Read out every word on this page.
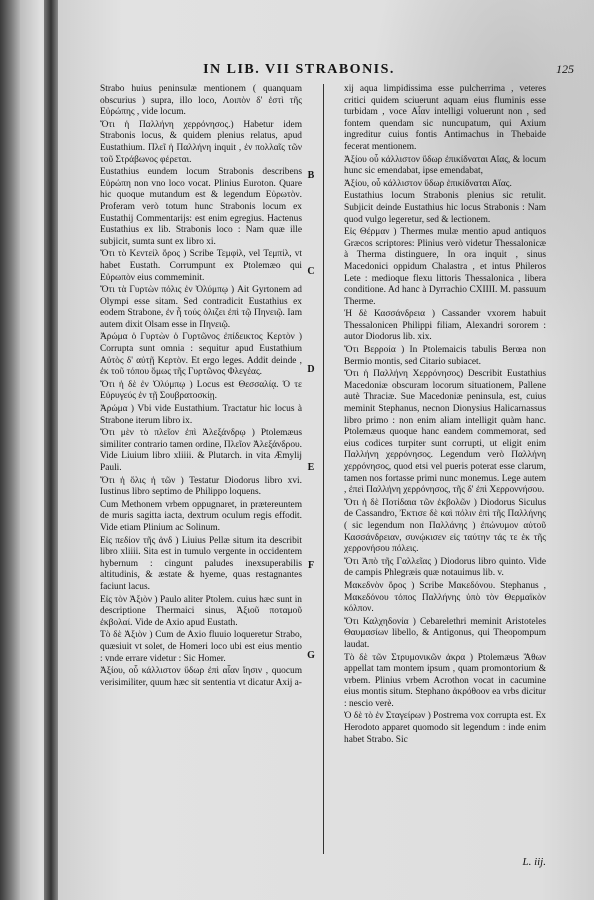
IN LIB. VII STRABONIS.	125

Strabo huius peninsulæ mentionem ( quanquam obscurius ) supra, illo loco, Λοιπὸν δ' ἐστὶ τῆς Εὐρώπης , vide locum.

Ὅτι ἡ Παλλήνη χερρόνησος.) Habetur idem Strabonis locus, & quidem plenius relatus, apud Eustathium. Πλεῖ ἡ Παλλήνη inquit , ἐν πολλαῖς τῶν τοῦ Στράβωνος φέρεται.

Eustathius eundem locum Strabonis describens Εὐρώπη non vno loco vocat. Plinius Euroton. Quare hic quoque mutandum est & legendum Εὐρωτὸν. Proferam verò totum hunc Strabonis locum ex Eustathij Commentarijs: est enim egregius. Hactenus Eustathius ex lib. Strabonis loco : Nam quæ ille subjicit, sumta sunt ex libro xi.

Ὅτι τὸ Κεντείλ ὄρος ) Scribe Τεμφίλ, vel Τεμπίλ, vt habet Eustath. Corrumpunt ex Ptolemæo qui Εὐρωπὸν eius commeminit.

Ὅτι τὰ Γυρτὼν πόλις ἐν Ὀλύμπῳ ) Ait Gyrtonem ad Olympi esse sitam. Sed contradicit Eustathius ex eodem Strabone, ἐν ἧ τούς ὁλιζει ἐπὶ τῷ Πηνειῷ. Iam autem dixit Olsam esse in Πηνειῷ.

Ἀρώμα ὁ Γυρτὼν ὁ Γυρτῶνος ἐπίδεικτος Κερτὸν ) Corrupta sunt omnia : sequitur apud Eustathium Αὐτὸς δ' αὐτῇ Κερτὸν. Et ergo leges. Addit deinde , ἐκ τοῦ τόπου ὅμως τῆς Γυρτῶνος Φλεγέας.

Ὅτι ἡ δὲ ἐν Ὀλύμπῳ ) Locus est Θεσσαλίᾳ. Ὁ τε Εὐρυγεύς ἐν τῇ Σουβρατοσκίῃ.

Ἀρώμα ) Vbi vide Eustathium. Tractatur hic locus à Strabone iterum libro ix.

Ὅτι μὲν τὸ πλεῖον ἐπὶ Ἀλεξάνδρῳ ) Ptolemæus similiter contrario tamen ordine, Πλεῖον Ἀλεξάνδρου. Vide Liuium libro xliiii. & Plutarch. in vita Æmylij Pauli.

Ὅτι ἡ ὅλις ἡ τῶν ) Testatur Diodorus libro xvi. Iustinus libro septimo de Philippo loquens.

Cum Methonem vrbem oppugnaret, in prætereuntem de muris sagitta iacta, dextrum oculum regis effodit. Vide etiam Plinium ac Solinum.

Εἰς πεδίον τῆς ἀνδ ) Liuius Pellæ situm ita describit libro xliiii. Sita est in tumulo vergente in occidentem hybernum : cingunt paludes inexsuperabilis altitudinis, & æstate & hyeme, quas restagnantes faciunt lacus.

Εἰς τὸν Ἀξιὸν ) Paulo aliter Ptolem. cuius hæc sunt in descriptione Thermaici sinus, Ἀξιοῦ ποταμοῦ ἐκβολαί. Vide de Axio apud Eustath.

Τὸ δὲ Ἀξιὸν ) Cum de Axio fluuio loqueretur Strabo, quæsiuit vt solet, de Homeri loco ubi est eius mentio : vnde errare videtur : Sic Homer.

Ἀξίου, οὗ κάλλιστον ὕδωρ ἐπὶ αἶαν ἵησιν , quocum verisimiliter, quum hæc sit sententia vt dicatur Axij a-

B
C
D
E
F
G

xij aqua limpidissima esse pulcherrima , veteres critici quidem sciuerunt aquam eius fluminis esse turbidam , voce Αἶαν intelligi voluerunt non , sed fontem quendam sic nuncupatum, qui Axium ingreditur cuius fontis Antimachus in Thebaide fecerat mentionem.

Ἀξίου οὗ κάλλιστον ὕδωρ ἐπικίδναται Αἴας, & locum hunc sic emendabat, ipse emendabat,

Ἀξίου, οὗ κάλλιστον ὕδωρ ἐπικίδναται Αἴας.

Eustathius locum Strabonis plenius sic retulit. Subjicit deinde Eustathius hic locus Strabonis : Nam quod vulgo legeretur, sed & lectionem.

Εἰς Θέρμαν ) Thermes mulæ mentio apud antiquos Græcos scriptores: Plinius verò videtur Thessalonicæ à Therma distinguere, In ora inquit , sinus Macedonici oppidum Chalastra , et intus Phileros Lete : medioque flexu littoris Thessalonica , libera conditione. Ad hanc à Dyrrachio CXIIII. M. passuum Therme.

Ἡ δὲ Κασσάνδρεια ) Cassander vxorem habuit Thessalonicen Philippi filiam, Alexandri sororem : autor Diodorus lib. xix.

Ὅτι Βερροία ) In Ptolemaicis tabulis Berœa non Bermio montis, sed Citario subiacet.

Ὅτι ἡ Παλλήνη Χερρόνησος) Describit Eustathius Macedoniæ obscuram locorum situationem, Pallene autè Thraciæ. Sue Macedoniæ peninsula, est, cuius meminit Stephanus, necnon Dionysius Halicarnassus libro primo : non enim aliam intelligit quàm hanc. Ptolemæus quoque hanc eandem commemorat, sed eius codices turpiter sunt corrupti, ut eligit enim Παλλήνη χερρόνησος. Legendum verò Παλλήνη χερρόνησος, quod etsi vel pueris poterat esse clarum, tamen nos fortasse primi nunc monemus. Lege autem , ἐπεὶ Παλλήνη χερρόνησος, τῆς δ' ἐπὶ Χερροννήσου.

Ὅτι ἡ δὲ Ποτίδαια τῶν ἐκβολῶν ) Diodorus Siculus de Cassandro, Ἐκτισε δὲ καὶ πόλιν ἐπὶ τῆς Παλλήνης ( sic legendum non Παλλάνης ) ἐπώνυμον αὐτοῦ Κασσάνδρειαν, συνῴκισεν εἰς ταύτην τάς τε ἐκ τῆς χερρονήσου πόλεις.

Ὅτι Ἀπὸ τῆς Γαλλεῖας ) Diodorus libro quinto. Vide de campis Phlegræis quæ notauimus lib. v.

Μακεδνὸν ὄρος ) Scribe Μακεδόνου. Stephanus , Μακεδόνου τόπος Παλλήνης ὑπὸ τὸν Θερμαϊκὸν κόλπον.

Ὅτι Καλχηδονία ) Cebarelethri meminit Aristoteles Θαυμασίων libello, & Antigonus, qui Theopompum laudat.

Τὸ δὲ τῶν Στρυμονικῶν ἀκρα ) Ptolemæus Ἄθων appellat tam montem ipsum , quam promontorium & vrbem. Plinius vrbem Acrothon vocat in cacumine eius montis situm. Stephano ἀκρόθοον ea vrbs dicitur : nescio verè.

Ὁ δὲ τὸ ἐν Σταγείρων ) Postrema vox corrupta est. Ex Herodoto apparet quomodo sit legendum : inde enim habet Strabo. Sic

L. iij.
